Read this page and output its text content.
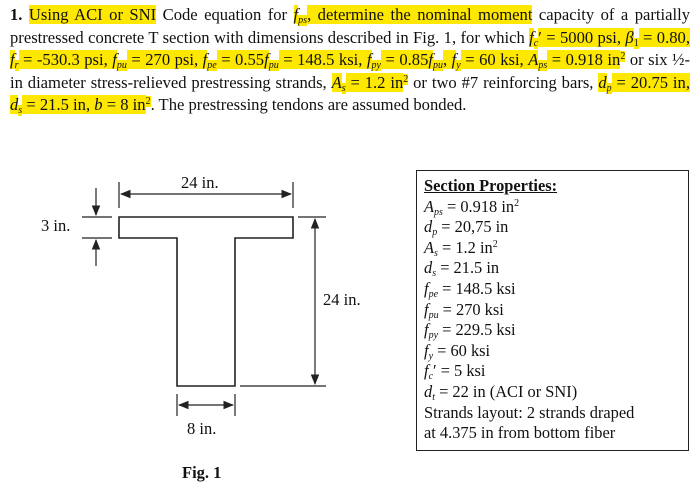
1. Using ACI or SNI Code equation for $f_{ps}$, determine the nominal moment capacity of a partially prestressed concrete T section with dimensions described in Fig. 1, for which $f_c' = 5000$ psi, $\beta_1 = 0.80$, $f_r = -530.3$ psi, $f_{pu} = 270$ psi, $f_{pe} = 0.55f_{pu} = 148.5$ ksi, $f_{py} = 0.85f_{pu}$, $f_y = 60$ ksi, $A_{ps} = 0.918$ $in^2$ or six ½-in diameter stress-relieved prestressing strands, $A_s = 1.2$ $in^2$ or two #7 reinforcing bars, $d_p = 20.75$ in, $d_s = 21.5$ in, b = 8 $in^2$. The prestressing tendons are assumed bonded.
24 in.
3 in.
24 in.
8 in.
Fig. 1
Section Properties:
$A_{ps} = 0.918$ $in^2$
$d_p = 20,75$ in
$A_s = 1.2$ $in^2$
$d_s = 21.5$ in
$f_{pe} = 148.5$ ksi
$f_{pu} = 270$ ksi
$f_{py} = 229.5$ ksi
$f_y = 60$ ksi
$f_c' = 5$ ksi
$d_t = 22$ in (ACI or SNI)
Strands layout: 2 strands draped
at 4.375 in from bottom fiber
